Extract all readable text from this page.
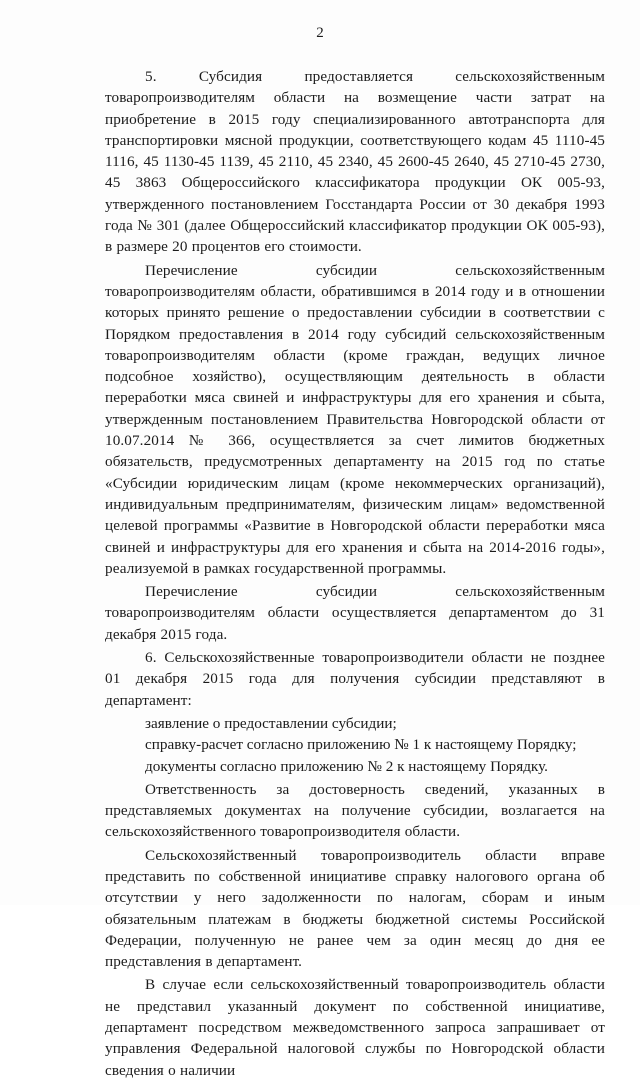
2

5. Субсидия предоставляется сельскохозяйственным товаропроизводителям области на возмещение части затрат на приобретение в 2015 году специализированного автотранспорта для транспортировки мясной продукции, соответствующего кодам 45 1110-45 1116, 45 1130-45 1139, 45 2110, 45 2340, 45 2600-45 2640, 45 2710-45 2730, 45 3863 Общероссийского классификатора продукции ОК 005-93, утвержденного постановлением Госстандарта России от 30 декабря 1993 года № 301 (далее Общероссийский классификатор продукции ОК 005-93), в размере 20 процентов его стоимости.

Перечисление субсидии сельскохозяйственным товаропроизводителям области, обратившимся в 2014 году и в отношении которых принято решение о предоставлении субсидии в соответствии с Порядком предоставления в 2014 году субсидий сельскохозяйственным товаропроизводителям области (кроме граждан, ведущих личное подсобное хозяйство), осуществляющим деятельность в области переработки мяса свиней и инфраструктуры для его хранения и сбыта, утвержденным постановлением Правительства Новгородской области от 10.07.2014 № 366, осуществляется за счет лимитов бюджетных обязательств, предусмотренных департаменту на 2015 год по статье «Субсидии юридическим лицам (кроме некоммерческих организаций), индивидуальным предпринимателям, физическим лицам» ведомственной целевой программы «Развитие в Новгородской области переработки мяса свиней и инфраструктуры для его хранения и сбыта на 2014-2016 годы», реализуемой в рамках государственной программы.

Перечисление субсидии сельскохозяйственным товаропроизводителям области осуществляется департаментом до 31 декабря 2015 года.

6. Сельскохозяйственные товаропроизводители области не позднее 01 декабря 2015 года для получения субсидии представляют в департамент:

заявление о предоставлении субсидии;

справку-расчет согласно приложению № 1 к настоящему Порядку;

документы согласно приложению № 2 к настоящему Порядку.

Ответственность за достоверность сведений, указанных в представляемых документах на получение субсидии, возлагается на сельскохозяйственного товаропроизводителя области.

Сельскохозяйственный товаропроизводитель области вправе представить по собственной инициативе справку налогового органа об отсутствии у него задолженности по налогам, сборам и иным обязательным платежам в бюджеты бюджетной системы Российской Федерации, полученную не ранее чем за один месяц до дня ее представления в департамент.

В случае если сельскохозяйственный товаропроизводитель области не представил указанный документ по собственной инициативе, департамент посредством межведомственного запроса запрашивает от управления Федеральной налоговой службы по Новгородской области сведения о наличии
